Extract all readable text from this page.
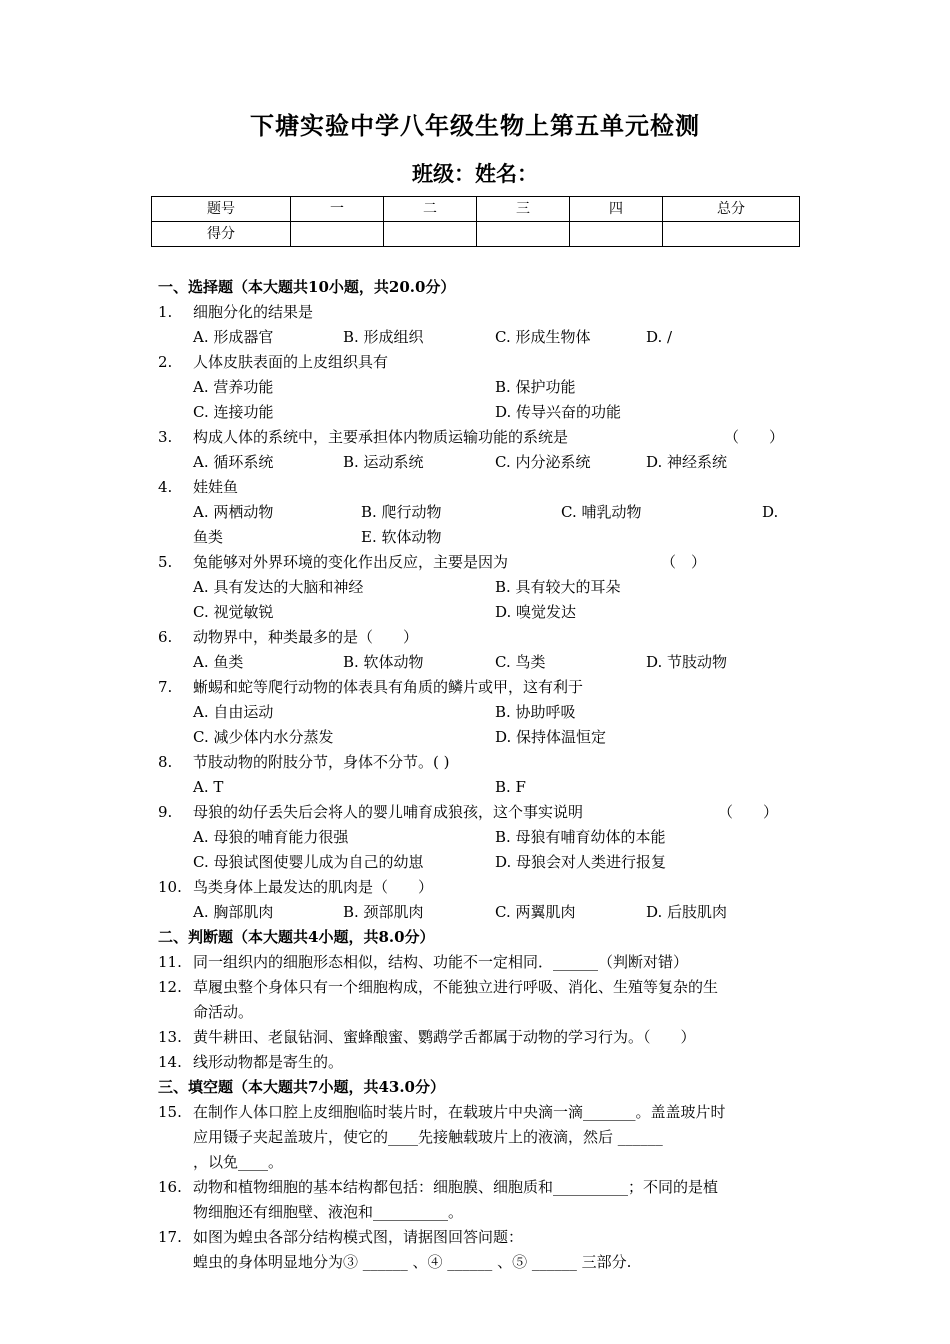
下塘实验中学八年级生物上第五单元检测
班级：姓名：
题号	一	二	三	四	总分
得分					
一、选择题（本大题共10小题，共20.0分）
1.	细胞分化的结果是
A. 形成器官	B. 形成组织	C. 形成生物体	D. /
2.	人体皮肤表面的上皮组织具有
A. 营养功能	B. 保护功能
C. 连接功能	D. 传导兴奋的功能
3.	构成人体的系统中，主要承担体内物质运输功能的系统是	（　　）
A. 循环系统	B. 运动系统	C. 内分泌系统	D. 神经系统
4.	娃娃鱼
A. 两栖动物	B. 爬行动物	C. 哺乳动物	D.
鱼类	E. 软体动物
5.	兔能够对外界环境的变化作出反应，主要是因为	（　）
A. 具有发达的大脑和神经	B. 具有较大的耳朵
C. 视觉敏锐	D. 嗅觉发达
6.	动物界中，种类最多的是（　　）
A. 鱼类	B. 软体动物	C. 鸟类	D. 节肢动物
7.	蜥蜴和蛇等爬行动物的体表具有角质的鳞片或甲，这有利于
A. 自由运动	B. 协助呼吸
C. 减少体内水分蒸发	D. 保持体温恒定
8.	节肢动物的附肢分节，身体不分节。( )
A. T	B. F
9.	母狼的幼仔丢失后会将人的婴儿哺育成狼孩，这个事实说明	（　　）
A. 母狼的哺育能力很强	B. 母狼有哺育幼体的本能
C. 母狼试图使婴儿成为自己的幼崽	D. 母狼会对人类进行报复
10. 鸟类身体上最发达的肌肉是（　　）
A. 胸部肌肉	B. 颈部肌肉	C. 两翼肌肉	D. 后肢肌肉
二、判断题（本大题共4小题，共8.0分）
11. 同一组织内的细胞形态相似，结构、功能不一定相同．______（判断对错）
12. 草履虫整个身体只有一个细胞构成，不能独立进行呼吸、消化、生殖等复杂的生
命活动。
13. 黄牛耕田、老鼠钻洞、蜜蜂酿蜜、鹦鹉学舌都属于动物的学习行为。（　　）
14. 线形动物都是寄生的。
三、填空题（本大题共7小题，共43.0分）
15. 在制作人体口腔上皮细胞临时装片时，在载玻片中央滴一滴_______。盖盖玻片时
应用镊子夹起盖玻片，使它的____先接触载玻片上的液滴，然后 ______
，以免____。
16. 动物和植物细胞的基本结构都包括：细胞膜、细胞质和__________；不同的是植
物细胞还有细胞壁、液泡和__________。
17. 如图为蝗虫各部分结构模式图，请据图回答问题：
蝗虫的身体明显地分为③ ______ 、④ ______ 、⑤ ______ 三部分.
